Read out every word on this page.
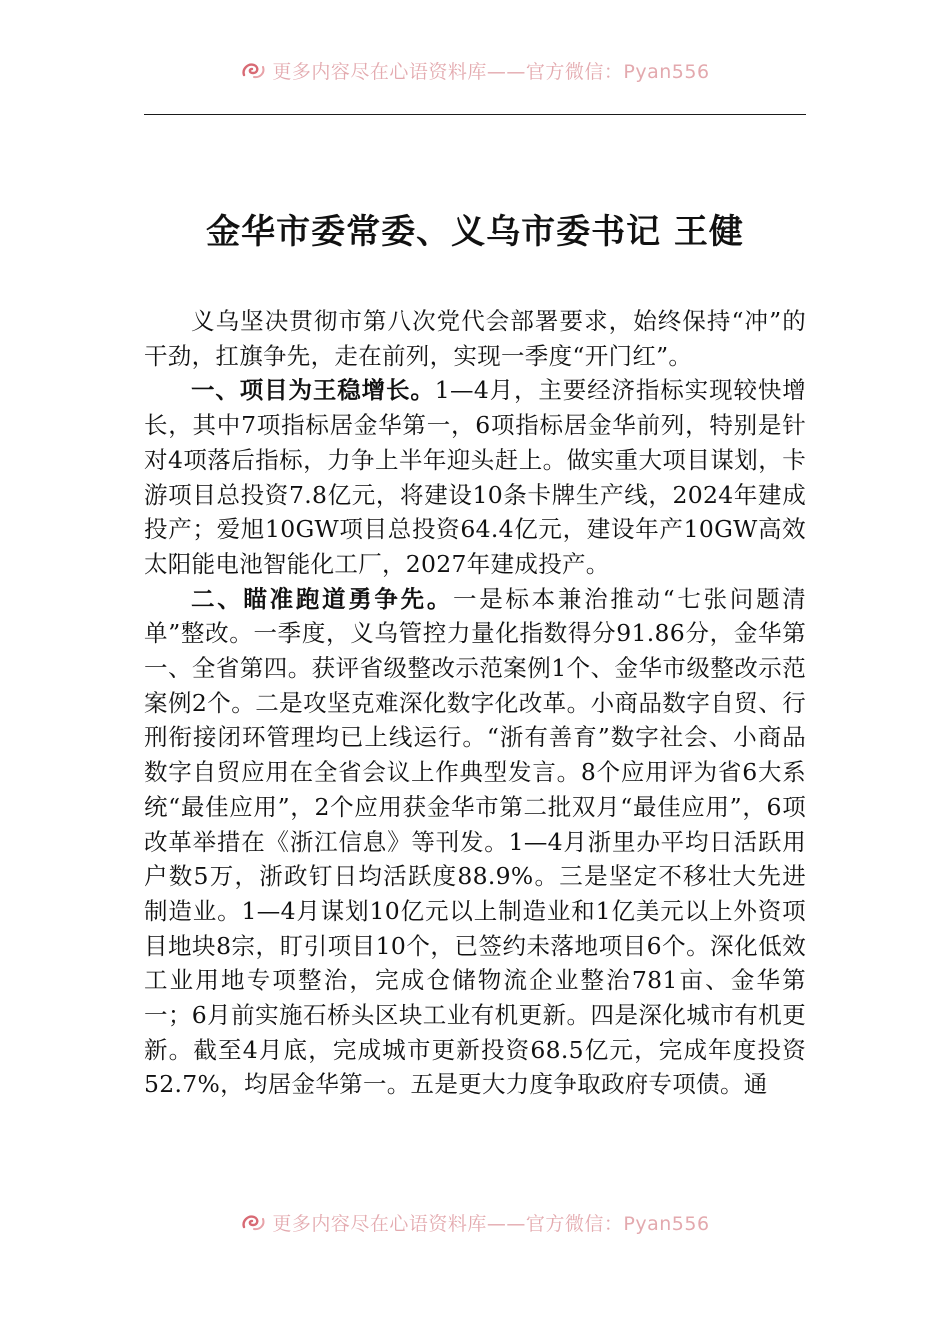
更多内容尽在心语资料库——官方微信：Pyan556
金华市委常委、义乌市委书记 王健

义乌坚决贯彻市第八次党代会部署要求，始终保持“冲”的干劲，扛旗争先，走在前列，实现一季度“开门红”。

一、项目为王稳增长。1—4月，主要经济指标实现较快增长，其中7项指标居金华第一，6项指标居金华前列，特别是针对4项落后指标，力争上半年迎头赶上。做实重大项目谋划，卡游项目总投资7.8亿元，将建设10条卡牌生产线，2024年建成投产；爱旭10GW项目总投资64.4亿元，建设年产10GW高效太阳能电池智能化工厂，2027年建成投产。

二、瞄准跑道勇争先。一是标本兼治推动“七张问题清单”整改。一季度，义乌管控力量化指数得分91.86分，金华第一、全省第四。获评省级整改示范案例1个、金华市级整改示范案例2个。二是攻坚克难深化数字化改革。小商品数字自贸、行刑衔接闭环管理均已上线运行。“浙有善育”数字社会、小商品数字自贸应用在全省会议上作典型发言。8个应用评为省6大系统“最佳应用”，2个应用获金华市第二批双月“最佳应用”，6项改革举措在《浙江信息》等刊发。1—4月浙里办平均日活跃用户数5万，浙政钉日均活跃度88.9%。三是坚定不移壮大先进制造业。1—4月谋划10亿元以上制造业和1亿美元以上外资项目地块8宗，盯引项目10个，已签约未落地项目6个。深化低效工业用地专项整治，完成仓储物流企业整治781亩、金华第一；6月前实施石桥头区块工业有机更新。四是深化城市有机更新。截至4月底，完成城市更新投资68.5亿元，完成年度投资52.7%，均居金华第一。五是更大力度争取政府专项债。通

更多内容尽在心语资料库——官方微信：Pyan556
